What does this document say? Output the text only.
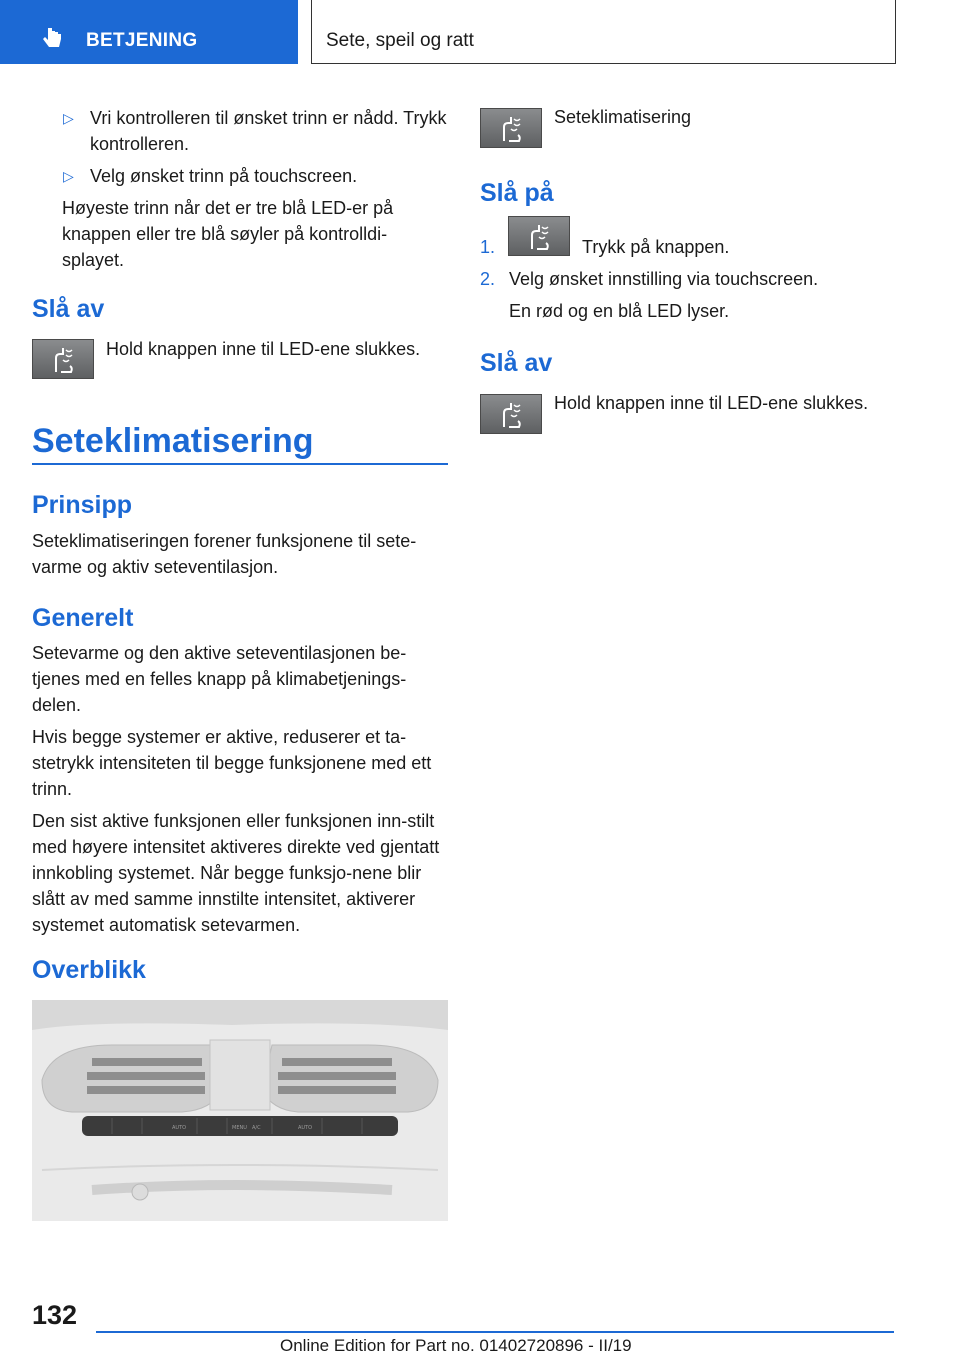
BETJENING	Sete, speil og ratt
▷ Vri kontrolleren til ønsket trinn er nådd. Trykk kontrolleren.
▷ Velg ønsket trinn på touchscreen.

Høyeste trinn når det er tre blå LED-er på knappen eller tre blå søyler på kontrolldi-splayet.

Slå av
Hold knappen inne til LED-ene slukkes.
Seteklimatisering
Prinsipp
Seteklimatiseringen forener funksjonene til sete-varme og aktiv seteventilasjon.
Generelt

Setevarme og den aktive seteventilasjonen be-tjenes med en felles knapp på klimabetjenings-delen.

Hvis begge systemer er aktive, reduserer et ta-stetrykk intensiteten til begge funksjonene med ett trinn.

Den sist aktive funksjonen eller funksjonen inn-stilt med høyere intensitet aktiveres direkte ved gjentatt innkobling systemet. Når begge funksjo-nene blir slått av med samme innstilte intensitet, aktiverer systemet automatisk setevarmen.

Overblikk
AUTO	MENU A/C	AUTO
Seteklimatisering
Slå på
1.	Trykk på knappen.
2. Velg ønsket innstilling via touchscreen.
En rød og en blå LED lyser.
Slå av
Hold knappen inne til LED-ene slukkes.
132
Online Edition for Part no. 01402720896 - II/19
